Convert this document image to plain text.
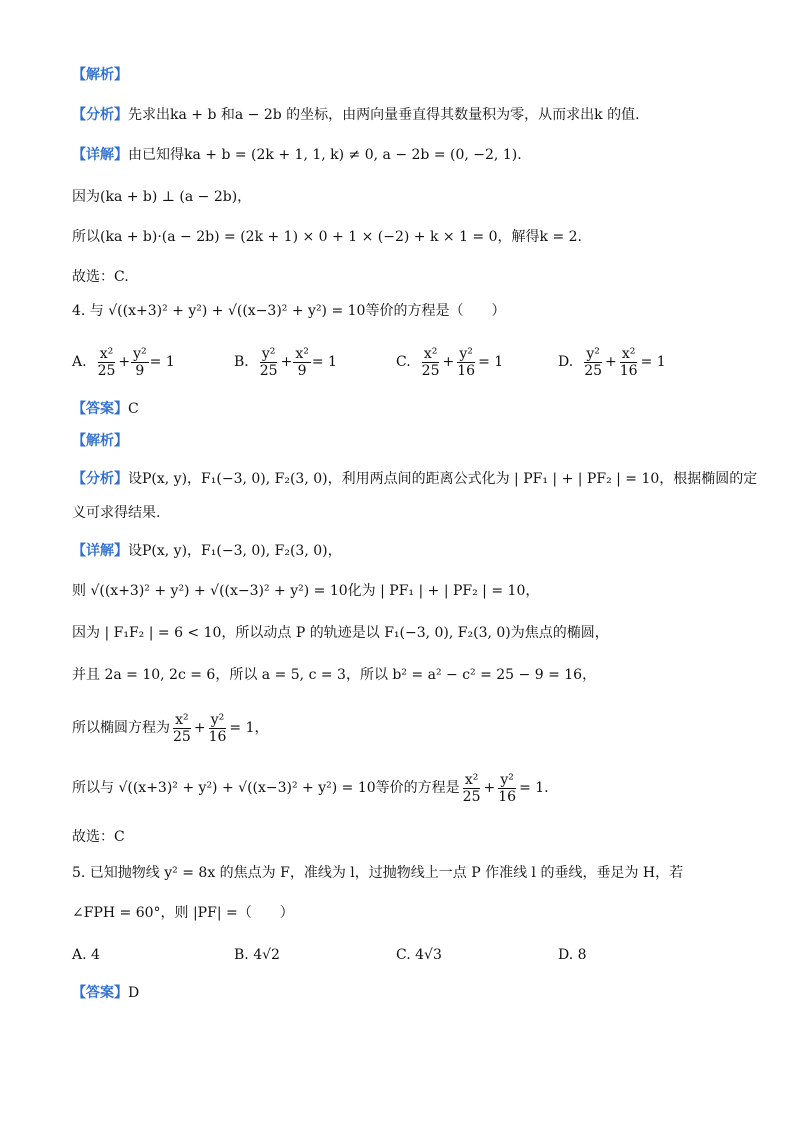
【解析】
【分析】先求出ka + b 和a − 2b 的坐标，由两向量垂直得其数量积为零，从而求出k 的值.
【详解】由已知得ka + b = (2k + 1, 1, k) ≠ 0, a − 2b = (0, −2, 1).
因为(ka + b) ⊥ (a − 2b)，
所以(ka + b)·(a − 2b) = (2k + 1) × 0 + 1 × (−2) + k × 1 = 0，解得k = 2.
故选：C.
4. 与 √((x+3)² + y²) + √((x−3)² + y²) = 10等价的方程是（　　）
A. $\frac{\text{x²}}{25} + \frac{\text{y²}}{9} = 1$	B. $\frac{\text{y²}}{25} + \frac{\text{x²}}{9} = 1$	C. $\frac{\text{x²}}{25} + \frac{\text{y²}}{16} = 1$	D. $\frac{\text{y²}}{25} + \frac{\text{x²}}{16} = 1$
【答案】C
【解析】
【分析】设P(x, y)，F₁(−3, 0), F₂(3, 0)，利用两点间的距离公式化为 | PF₁ | + | PF₂ | = 10，根据椭圆的定
义可求得结果.
【详解】设P(x, y)，F₁(−3, 0), F₂(3, 0)，
则 √((x+3)² + y²) + √((x−3)² + y²) = 10化为 | PF₁ | + | PF₂ | = 10，
因为 | F₁F₂ | = 6 < 10，所以动点 P 的轨迹是以 F₁(−3, 0), F₂(3, 0)为焦点的椭圆，
并且 2a = 10, 2c = 6，所以 a = 5, c = 3，所以 b² = a² − c² = 25 − 9 = 16，
所以椭圆方程为 $\frac{\text{x²}}{25} + \frac{\text{y²}}{16} = 1$ ，
所以与 √((x+3)² + y²) + √((x−3)² + y²) = 10等价的方程是 $\frac{\text{x²}}{25} + \frac{\text{y²}}{16} = 1$ .
故选：C
5. 已知抛物线 y² = 8x 的焦点为 F，准线为 l，过抛物线上一点 P 作准线 l 的垂线，垂足为 H，若
∠FPH = 60°，则 |PF| =（　　）
A. 4	B. 4√2	C. 4√3	D. 8
【答案】D
